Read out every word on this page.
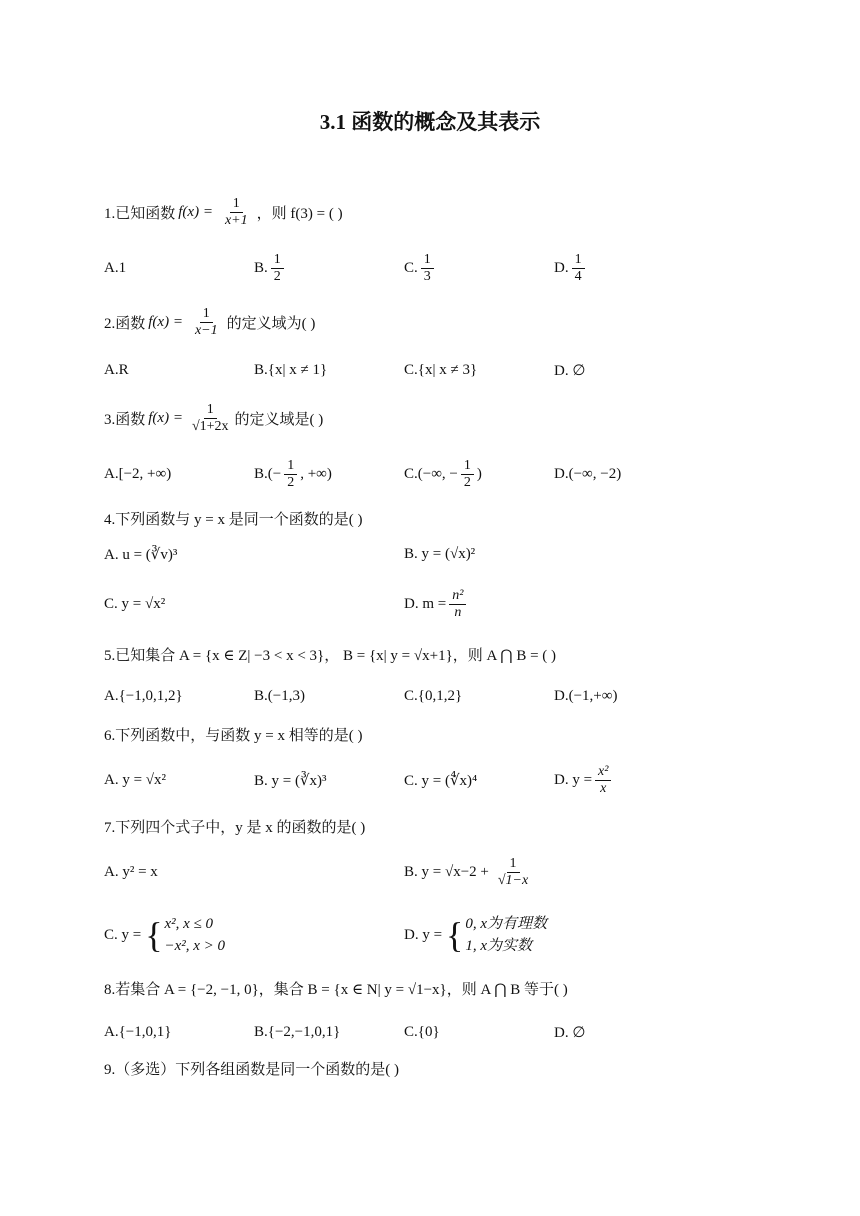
3.1 函数的概念及其表示
1.已知函数 $f(x) = \frac{1}{x+1}$ ，则 f(3) = ( )
A.1	B. $\frac{1}{2}$	C. $\frac{1}{3}$	D. $\frac{1}{4}$
2.函数 $f(x) = \frac{1}{x-1}$ 的定义域为( )
A.R	B.{x| x ≠ 1}	C.{x| x ≠ 3}	D. ∅
3.函数 $f(x) = \frac{1}{√1+2x}$ 的定义域是( )
A.[−2, +∞)	$B.(- \frac{1}{2}$ , +∞)	C.(−∞, − $\frac{1}{2}$ )	D.(−∞, −2)
4.下列函数与 y = x 是同一个函数的是( )
A. u = (∛v)³	B. y = (√x)²
C. y = √x²	D. $m = \frac{\text{n²}}{n}$
5.已知集合 A = {x ∈ Z| −3 < x < 3}， B = {x| y = √x+1}，则 A ⋂ B = ( )
A.{−1,0,1,2}	B.(−1,3)	C.{0,1,2}	D.(−1,+∞)
6.下列函数中，与函数 y = x 相等的是( )
A. y = √x²	B. y = (∛x)³	C. y = (∜x)⁴	D. $y = \frac{\text{x²}}{x}$
7.下列四个式子中，y 是 x 的函数的是( )
A. y² = x	B. $y = √x-2 + \frac{1}{√1-x}$
C. y = { x², x ≤ 0
−x², x > 0
D. y = { 0, x为有理数
1, x为实数
8.若集合 A = {−2, −1, 0}，集合 B = {x ∈ N| y = √1−x}，则 A ⋂ B 等于( )
A.{−1,0,1}	B.{−2,−1,0,1}	C.{0}	D. ∅
9.（多选）下列各组函数是同一个函数的是( )
